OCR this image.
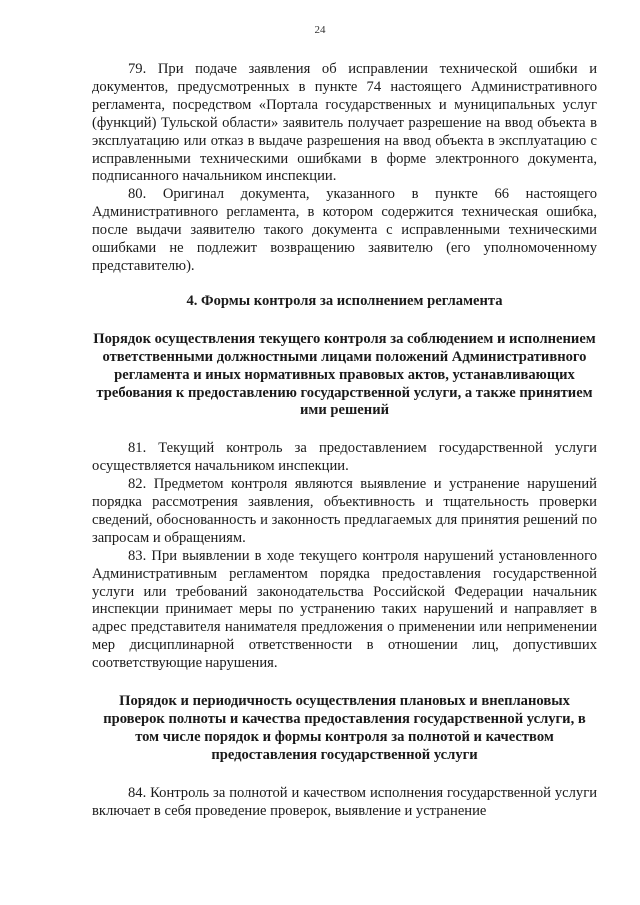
24

79. При подаче заявления об исправлении технической ошибки и документов, предусмотренных в пункте 74 настоящего Административного регламента, посредством «Портала государственных и муниципальных услуг (функций) Тульской области» заявитель получает разрешение на ввод объекта в эксплуатацию или отказ в выдаче разрешения на ввод объекта в эксплуатацию с исправленными техническими ошибками в форме электронного документа, подписанного начальником инспекции.

80. Оригинал документа, указанного в пункте 66 настоящего Административного регламента, в котором содержится техническая ошибка, после выдачи заявителю такого документа с исправленными техническими ошибками не подлежит возвращению заявителю (его уполномоченному представителю).

4. Формы контроля за исполнением регламента

Порядок осуществления текущего контроля за соблюдением и исполнением ответственными должностными лицами положений Административного регламента и иных нормативных правовых актов, устанавливающих требования к предоставлению государственной услуги, а также принятием ими решений

81. Текущий контроль за предоставлением государственной услуги осуществляется начальником инспекции.

82. Предметом контроля являются выявление и устранение нарушений порядка рассмотрения заявления, объективность и тщательность проверки сведений, обоснованность и законность предлагаемых для принятия решений по запросам и обращениям.

83. При выявлении в ходе текущего контроля нарушений установленного Административным регламентом порядка предоставления государственной услуги или требований законодательства Российской Федерации начальник инспекции принимает меры по устранению таких нарушений и направляет в адрес представителя нанимателя предложения о применении или неприменении мер дисциплинарной ответственности в отношении лиц, допустивших соответствующие нарушения.

Порядок и периодичность осуществления плановых и внеплановых проверок полноты и качества предоставления государственной услуги, в том числе порядок и формы контроля за полнотой и качеством предоставления государственной услуги

84. Контроль за полнотой и качеством исполнения государственной услуги включает в себя проведение проверок, выявление и устранение
